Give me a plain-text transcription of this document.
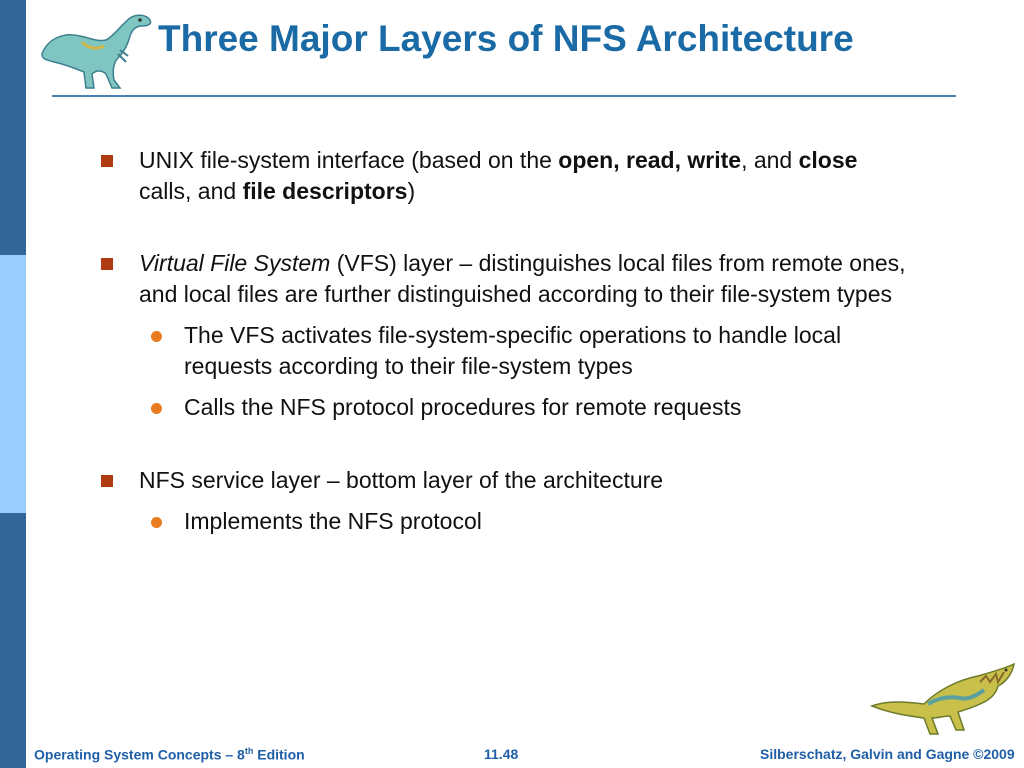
Three Major Layers of NFS Architecture
UNIX file-system interface (based on the open, read, write, and close
calls, and file descriptors)
Virtual File System (VFS) layer – distinguishes local files from remote ones,
and local files are further distinguished according to their file-system types
The VFS activates file-system-specific operations to handle local
requests according to their file-system types
Calls the NFS protocol procedures for remote requests
NFS service layer – bottom layer of the architecture
Implements the NFS protocol
Operating System Concepts – 8th Edition	11.48	Silberschatz, Galvin and Gagne ©2009
